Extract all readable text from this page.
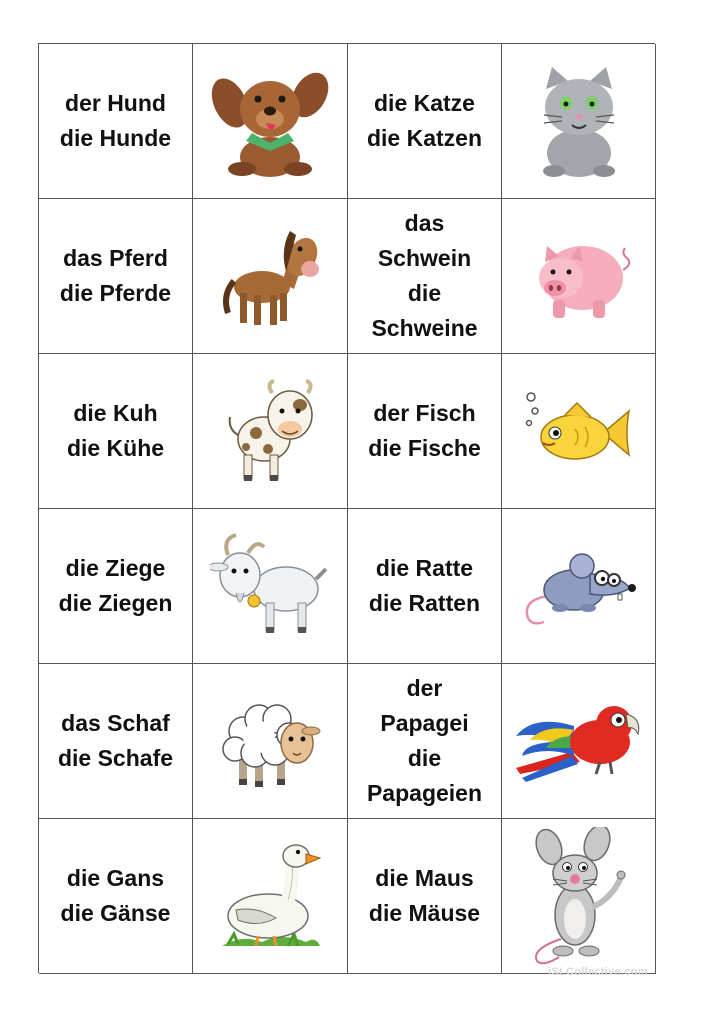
der Hund
die Hunde
die Katze
die Katzen
das Pferd
die Pferde
das
Schwein
die
Schweine
die Kuh
die Kühe
der Fisch
die Fische
die Ziege
die Ziegen
die Ratte
die Ratten
das Schaf
die Schafe
der
Papagei
die
Papageien
die Gans
die Gänse
die Maus
die Mäuse
iSLCollective.com
